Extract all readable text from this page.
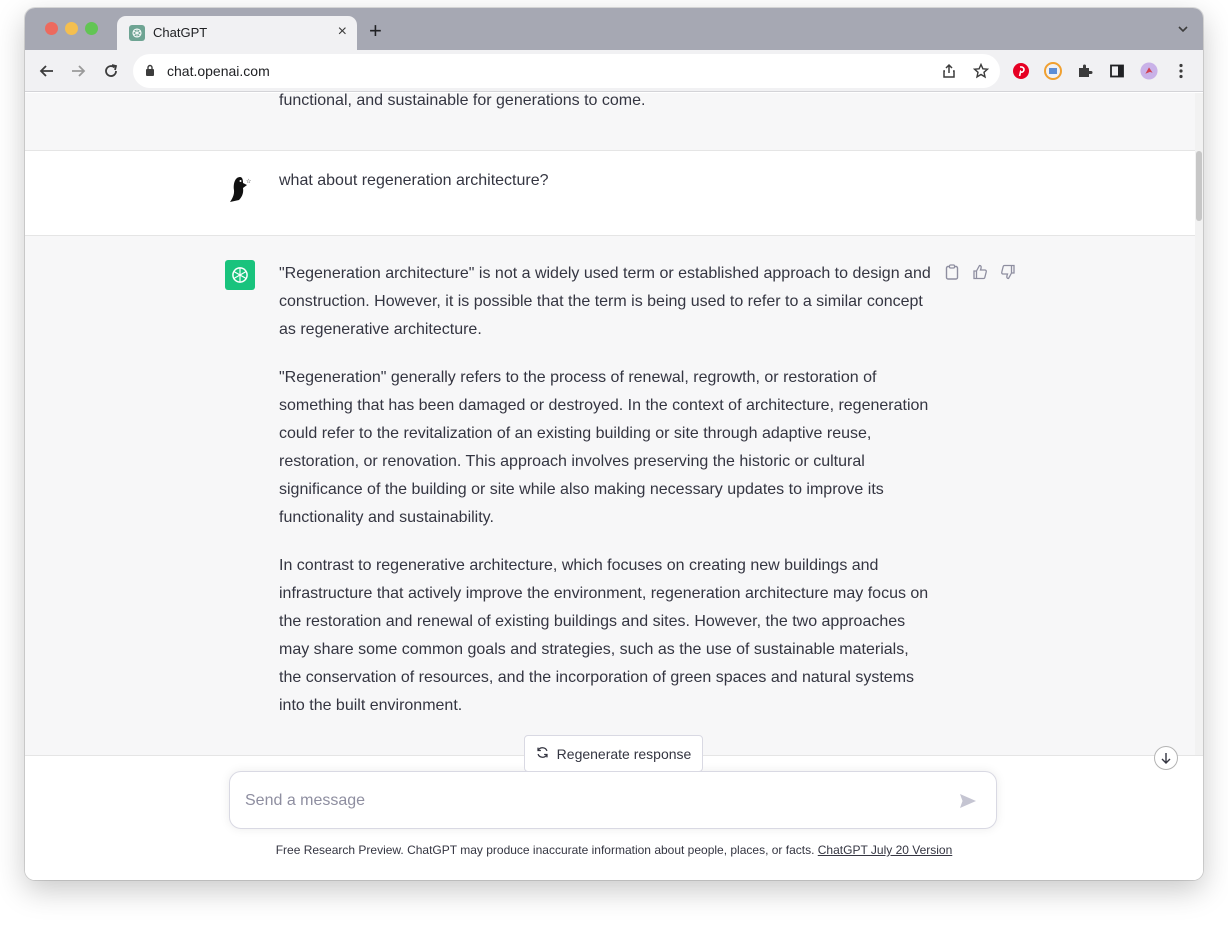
ChatGPT	× +
chat.openai.com
functional, and sustainable for generations to come.
☆ what about regeneration architecture?

"Regeneration architecture" is not a widely used term or established approach to design and construction. However, it is possible that the term is being used to refer to a similar concept as regenerative architecture.

"Regeneration" generally refers to the process of renewal, regrowth, or restoration of something that has been damaged or destroyed. In the context of architecture, regeneration could refer to the revitalization of an existing building or site through adaptive reuse, restoration, or renovation. This approach involves preserving the historic or cultural significance of the building or site while also making necessary updates to improve its functionality and sustainability.

In contrast to regenerative architecture, which focuses on creating new buildings and infrastructure that actively improve the environment, regeneration architecture may focus on the restoration and renewal of existing buildings and sites. However, the two approaches may share some common goals and strategies, such as the use of sustainable materials, the conservation of resources, and the incorporation of green spaces and natural systems into the built environment.

Send a message
Free Research Preview. ChatGPT may produce inaccurate information about people, places, or facts. ChatGPT July 20 Version
Regenerate response
